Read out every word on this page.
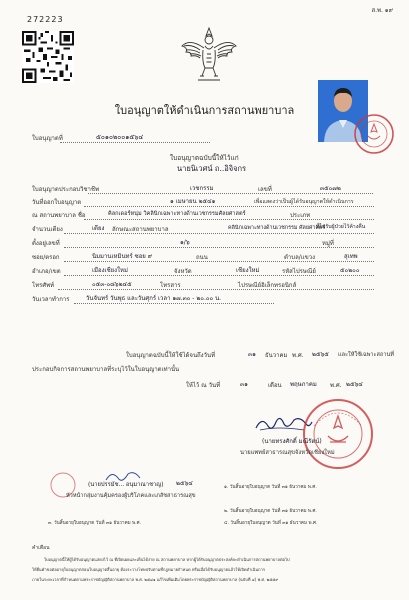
ส.พ. ๑๙
272223
ใบอนุญาตให้ดำเนินการสถานพยาบาล
ใบอนุญาตที่	๕๐๑๐๒๐๐๑๕๖๔
ใบอนุญาตฉบับนี้ให้ไว้แก่
นายนิเวศน์ ถ..อิจิจกร
ใบอนุญาตประกอบวิชาชีพ	เวชกรรม	เลขที่	๓๕๐๗๒
วันที่ออกใบอนุญาต	๑ เมษายน ๒๕๔๑	เพื่อแสดงว่าเป็นผู้ได้รับอนุญาตให้ดำเนินการ
ณ สถานพยาบาล ชื่อ	คิลกเดอร์หนุ่ม วิคลินิกเฉพาะทางด้านเวชกรรมศัลยศาสตร์	ประเภท
ที่ไม่รับผู้ป่วยไว้ค้างคืน
จำนวนเตียง	เตียง ลักษณะสถานพยาบาล	คลินิกเฉพาะทางด้านเวชกรรม ศัลยศาสตร์
ตั้งอยู่เลขที่	๑/๖	หมู่ที่
ซอย/ตรอก	นิมมานเหมินทร์ ซอย ๙	ถนน	ตำบล/แขวง	สุเทพ
อำเภอ/เขต	เมืองเชียงใหม่	จังหวัด	เชียงใหม่	รหัสไปรษณีย์	๕๐๒๐๐
โทรศัพท์	๐๕๓-๐๘๖๒๔๕	โทรสาร	ไปรษณีย์อิเล็กทรอนิกส์
วันเวลาทำการ	วันจันทร์ วันพุธ และวันศุกร์ เวลา ๑๗.๓๐ - ๒๐.๐๐ น.
ใบอนุญาตฉบับนี้ให้ใช้ได้จนถึงวันที่	๓๑ ธันวาคม พ.ศ. ๒๕๖๕ และให้ใช้เฉพาะสถานที่
ประกอบกิจการสถานพยาบาลที่ระบุไว้ในใบอนุญาตเท่านั้น
ให้ไว้ ณ วันที่	๓๑	เดือน พฤษภาคม พ.ศ. ๒๕๖๔
(นายทรงศักดิ์ มณีรัตน์)
นายแพทย์สาธารณสุขจังหวัดเชียงใหม่
(นายปรรมัช... อนุมาณาชาญ) ๒๕๖๔
หัวหน้ากลุ่มงานคุ้มครองผู้บริโภคและเภสัชสาธารณสุข
๑. วันสิ้นอายุใบอนุญาต วันที่ ๓๑ ธันวาคม พ.ศ.
๒. วันสิ้นอายุใบอนุญาต วันที่ ๓๑ ธันวาคม พ.ศ.
๓. วันสิ้นอายุใบอนุญาต วันที่ ๓๑ ธันวาคม พ.ศ.	๔. วันสิ้นอายุใบอนุญาต วันที่ ๓๑ ธันวาคม พ.ศ.
คำเตือน
ใบอนุญาตนี้ให้ผู้ได้รับอนุญาตแสดงไว้ ณ ที่เปิดเผยและเห็นได้ง่าย ณ สถานพยาบาล หากผู้ได้รับอนุญาตประสงค์จะดำเนินการสถานพยาบาลต่อไป
ให้ยื่นคำขอต่ออายุใบอนุญาตก่อนใบอนุญาตสิ้นอายุ ต้องระวางโทษปรับตามที่กฎหมายกำหนด หรือเมื่อได้รับอนุญาตแล้วให้เปิดดำเนินการ
ภายในระยะเวลาที่กำหนดตามพระราชบัญญัติสถานพยาบาล พ.ศ. ๒๕๔๑ แก้ไขเพิ่มเติมโดยพระราชบัญญัติสถานพยาบาล (ฉบับที่ ๔) พ.ศ. ๒๕๕๙
